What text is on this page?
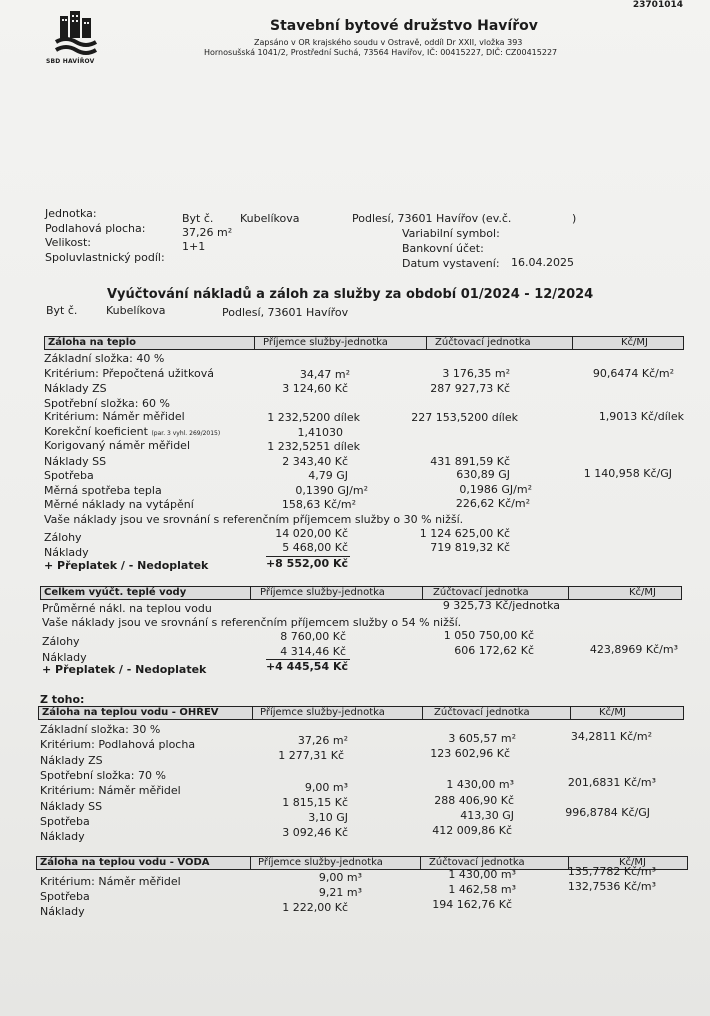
23701014
SBD HAVÍŘOV
Stavební bytové družstvo Havířov
Zapsáno v OR krajského soudu v Ostravě, oddíl Dr XXII, vložka 393
Hornosušská 1041/2, Prostřední Suchá, 73564 Havířov, IČ: 00415227, DIČ: CZ00415227
Jednotka:	Byt č. Kubelíkova	Podlesí, 73601 Havířov (ev.č.	)
Podlahová plocha:	37,26 m²	Variabilní symbol:
Velikost:	1+1	Bankovní účet:
Spoluvlastnický podíl:	Datum vystavení: 16.04.2025
Vyúčtování nákladů a záloh za služby za období 01/2024 - 12/2024
Byt č.	Kubelíkova	Podlesí, 73601 Havířov
Záloha na teplo	Příjemce služby-jednotka	Zúčtovací jednotka	Kč/MJ
Základní složka: 40 %
Kritérium: Přepočtená užitková	34,47 m²	3 176,35 m²	90,6474 Kč/m²
Náklady ZS	3 124,60 Kč	287 927,73 Kč
Spotřební složka: 60 %
Kritérium: Náměr měřidel	1 232,5200 dílek	227 153,5200 dílek	1,9013 Kč/dílek
Korekční koeficient (par. 3 vyhl. 269/2015)	1,41030
Korigovaný náměr měřidel	1 232,5251 dílek
Náklady SS	2 343,40 Kč	431 891,59 Kč
Spotřeba	4,79 GJ	630,89 GJ	1 140,958 Kč/GJ
Měrná spotřeba tepla	0,1390 GJ/m²	0,1986 GJ/m²
Měrné náklady na vytápění	158,63 Kč/m²	226,62 Kč/m²
Vaše náklady jsou ve srovnání s referenčním příjemcem služby o 30 % nižší.
Zálohy	14 020,00 Kč	1 124 625,00 Kč
Náklady	5 468,00 Kč	719 819,32 Kč
+ Přeplatek / - Nedoplatek	+8 552,00 Kč
Celkem vyúčt. teplé vody	Příjemce služby-jednotka	Zúčtovací jednotka	Kč/MJ
Průměrné nákl. na teplou vodu	9 325,73 Kč/jednotka
Vaše náklady jsou ve srovnání s referenčním příjemcem služby o 54 % nižší.
Zálohy	8 760,00 Kč	1 050 750,00 Kč
Náklady	4 314,46 Kč	606 172,62 Kč	423,8969 Kč/m³
+ Přeplatek / - Nedoplatek	+4 445,54 Kč
Z toho:
Záloha na teplou vodu - OHŘEV	Příjemce služby-jednotka	Zúčtovací jednotka	Kč/MJ
Základní složka: 30 %
Kritérium: Podlahová plocha	37,26 m²	3 605,57 m²	34,2811 Kč/m²
Náklady ZS	1 277,31 Kč	123 602,96 Kč
Spotřební složka: 70 %
Kritérium: Náměr měřidel	9,00 m³	1 430,00 m³	201,6831 Kč/m³
Náklady SS	1 815,15 Kč	288 406,90 Kč
Spotřeba	3,10 GJ	413,30 GJ	996,8784 Kč/GJ
Náklady	3 092,46 Kč	412 009,86 Kč
Záloha na teplou vodu - VODA	Příjemce služby-jednotka	Zúčtovací jednotka	Kč/MJ
Kritérium: Náměr měřidel	9,00 m³	1 430,00 m³	135,7782 Kč/m³
Spotřeba	9,21 m³	1 462,58 m³	132,7536 Kč/m³
Náklady	1 222,00 Kč	194 162,76 Kč
